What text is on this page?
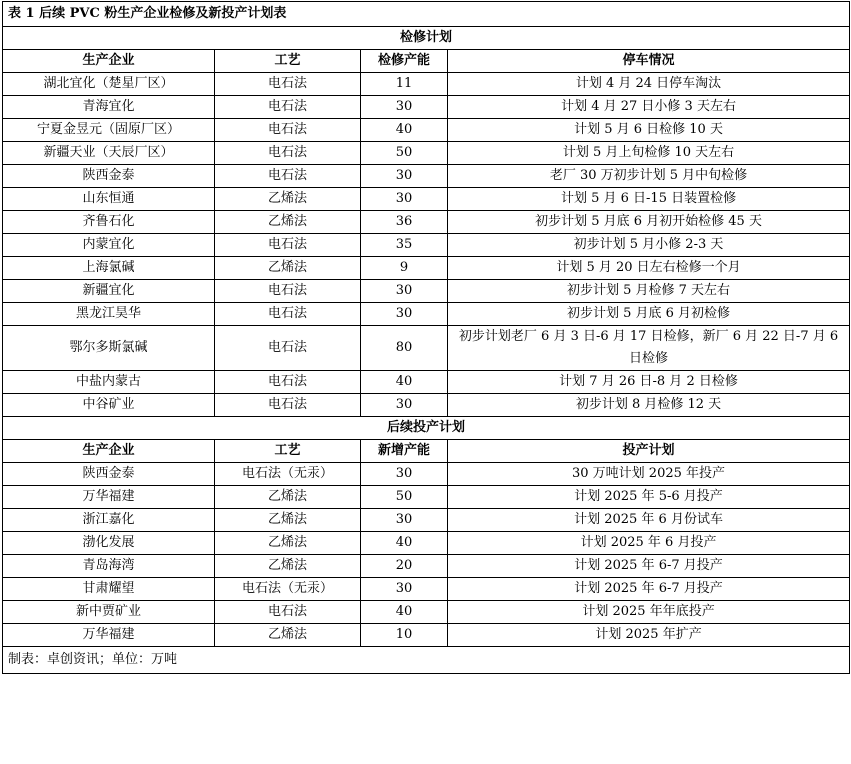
表 1 后续 PVC 粉生产企业检修及新投产计划表			
检修计划			
生产企业	工艺	检修产能	停车情况
湖北宜化（楚星厂区）	电石法	11	计划 4 月 24 日停车淘汰
青海宜化	电石法	30	计划 4 月 27 日小修 3 天左右
宁夏金昱元（固原厂区）	电石法	40	计划 5 月 6 日检修 10 天
新疆天业（天辰厂区）	电石法	50	计划 5 月上旬检修 10 天左右
陕西金泰	电石法	30	老厂 30 万初步计划 5 月中旬检修
山东恒通	乙烯法	30	计划 5 月 6 日-15 日装置检修
齐鲁石化	乙烯法	36	初步计划 5 月底 6 月初开始检修 45 天
内蒙宜化	电石法	35	初步计划 5 月小修 2-3 天
上海氯碱	乙烯法	9	计划 5 月 20 日左右检修一个月
新疆宜化	电石法	30	初步计划 5 月检修 7 天左右
黑龙江昊华	电石法	30	初步计划 5 月底 6 月初检修
鄂尔多斯氯碱	电石法	80	初步计划老厂 6 月 3 日-6 月 17 日检修，新厂 6 月 22 日-7 月 6 日检修
中盐内蒙古	电石法	40	计划 7 月 26 日-8 月 2 日检修
中谷矿业	电石法	30	初步计划 8 月检修 12 天
后续投产计划			
生产企业	工艺	新增产能	投产计划
陕西金泰	电石法（无汞）	30	30 万吨计划 2025 年投产
万华福建	乙烯法	50	计划 2025 年 5-6 月投产
浙江嘉化	乙烯法	30	计划 2025 年 6 月份试车
渤化发展	乙烯法	40	计划 2025 年 6 月投产
青岛海湾	乙烯法	20	计划 2025 年 6-7 月投产
甘肃耀望	电石法（无汞）	30	计划 2025 年 6-7 月投产
新中贾矿业	电石法	40	计划 2025 年年底投产
万华福建	乙烯法	10	计划 2025 年扩产
制表：卓创资讯；单位：万吨			
